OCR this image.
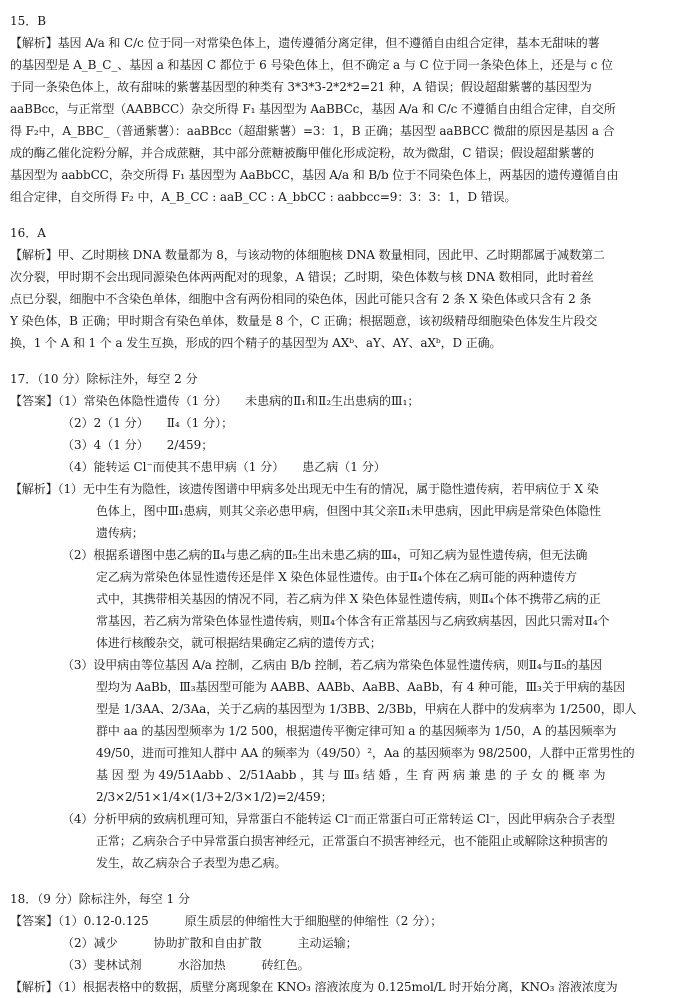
15．B
【解析】基因 A/a 和 C/c 位于同一对常染色体上，遗传遵循分离定律，但不遵循自由组合定律，基本无甜味的薯
的基因型是 A_B_C_、基因 a 和基因 C 都位于 6 号染色体上，但不确定 a 与 C 位于同一条染色体上，还是与 c 位
于同一条染色体上，故有甜味的紫薯基因型的种类有 3*3*3-2*2*2=21 种，A 错误；假设超甜紫薯的基因型为
aaBBcc，与正常型（AABBCC）杂交所得 F₁ 基因型为 AaBBCc，基因 A/a 和 C/c 不遵循自由组合定律，自交所
得 F₂中，A_BBC_（普通紫薯）：aaBBcc（超甜紫薯）=3：1，B 正确；基因型 aaBBCC 微甜的原因是基因 a 合
成的酶乙催化淀粉分解，并合成蔗糖，其中部分蔗糖被酶甲催化形成淀粉，故为微甜，C 错误；假设超甜紫薯的
基因型为 aabbCC，杂交所得 F₁ 基因型为 AaBbCC，基因 A/a 和 B/b 位于不同染色体上，两基因的遗传遵循自由
组合定律，自交所得 F₂ 中，A_B_CC : aaB_CC : A_bbCC : aabbcc=9：3：3：1，D 错误。
16．A
【解析】甲、乙时期核 DNA 数量都为 8，与该动物的体细胞核 DNA 数量相同，因此甲、乙时期都属于减数第二
次分裂，甲时期不会出现同源染色体两两配对的现象，A 错误；乙时期，染色体数与核 DNA 数相同，此时着丝
点已分裂，细胞中不含染色单体，细胞中含有两份相同的染色体，因此可能只含有 2 条 X 染色体或只含有 2 条
Y 染色体，B 正确；甲时期含有染色单体，数量是 8 个，C 正确；根据题意，该初级精母细胞染色体发生片段交
换，1 个 A 和 1 个 a 发生互换，形成的四个精子的基因型为 AXᵇ、aY、AY、aXᵇ，D 正确。
17．（10 分）除标注外，每空 2 分
【答案】（1）常染色体隐性遗传（1 分）　　未患病的Ⅱ₁和Ⅱ₂生出患病的Ⅲ₁；
（2）2（1 分）　　Ⅱ₄（1 分）；
（3）4（1 分）　　2/459；
（4）能转运 Cl⁻而使其不患甲病（1 分）　　患乙病（1 分）
【解析】（1）无中生有为隐性，该遗传图谱中甲病多处出现无中生有的情况，属于隐性遗传病，若甲病位于 X 染
色体上，图中Ⅲ₁患病，则其父亲必患甲病，但图中其父亲Ⅱ₁未甲患病，因此甲病是常染色体隐性
遗传病；
（2）根据系谱图中患乙病的Ⅱ₄与患乙病的Ⅱ₅生出未患乙病的Ⅲ₄，可知乙病为显性遗传病，但无法确
定乙病为常染色体显性遗传还是伴 X 染色体显性遗传。由于Ⅱ₄个体在乙病可能的两种遗传方
式中，其携带相关基因的情况不同，若乙病为伴 X 染色体显性遗传病，则Ⅱ₄个体不携带乙病的正
常基因，若乙病为常染色体显性遗传病，则Ⅱ₄个体含有正常基因与乙病致病基因，因此只需对Ⅱ₄个
体进行核酸杂交，就可根据结果确定乙病的遗传方式；
（3）设甲病由等位基因 A/a 控制，乙病由 B/b 控制，若乙病为常染色体显性遗传病，则Ⅱ₄与Ⅱ₅的基因
型均为 AaBb，Ⅲ₃基因型可能为 AABB、AABb、AaBB、AaBb，有 4 种可能，Ⅲ₃关于甲病的基因
型是 1/3AA、2/3Aa，关于乙病的基因型为 1/3BB、2/3Bb，甲病在人群中的发病率为 1/2500，即人
群中 aa 的基因型频率为 1/2 500，根据遗传平衡定律可知 a 的基因频率为 1/50，A 的基因频率为
49/50，进而可推知人群中 AA 的频率为（49/50）²，Aa 的基因频率为 98/2500，人群中正常男性的
基 因 型 为 49/51Aabb 、2/51Aabb ，其 与 Ⅲ₃ 结 婚 ，生 育 两 病 兼 患 的 子 女 的 概 率 为
2/3×2/51×1/4×(1/3+2/3×1/2)=2/459；
（4）分析甲病的致病机理可知，异常蛋白不能转运 Cl⁻而正常蛋白可正常转运 Cl⁻，因此甲病杂合子表型
正常；乙病杂合子中异常蛋白损害神经元，正常蛋白不损害神经元，也不能阻止或解除这种损害的
发生，故乙病杂合子表型为患乙病。
18．（9 分）除标注外，每空 1 分
【答案】（1）0.12-0.125　　　原生质层的伸缩性大于细胞壁的伸缩性（2 分）；
（2）减少　　　协助扩散和自由扩散　　　主动运输；
（3）斐林试剂　　　水浴加热　　　砖红色。
【解析】（1）根据表格中的数据，质壁分离现象在 KNO₃ 溶液浓度为 0.125mol/L 时开始分离，KNO₃ 溶液浓度为
